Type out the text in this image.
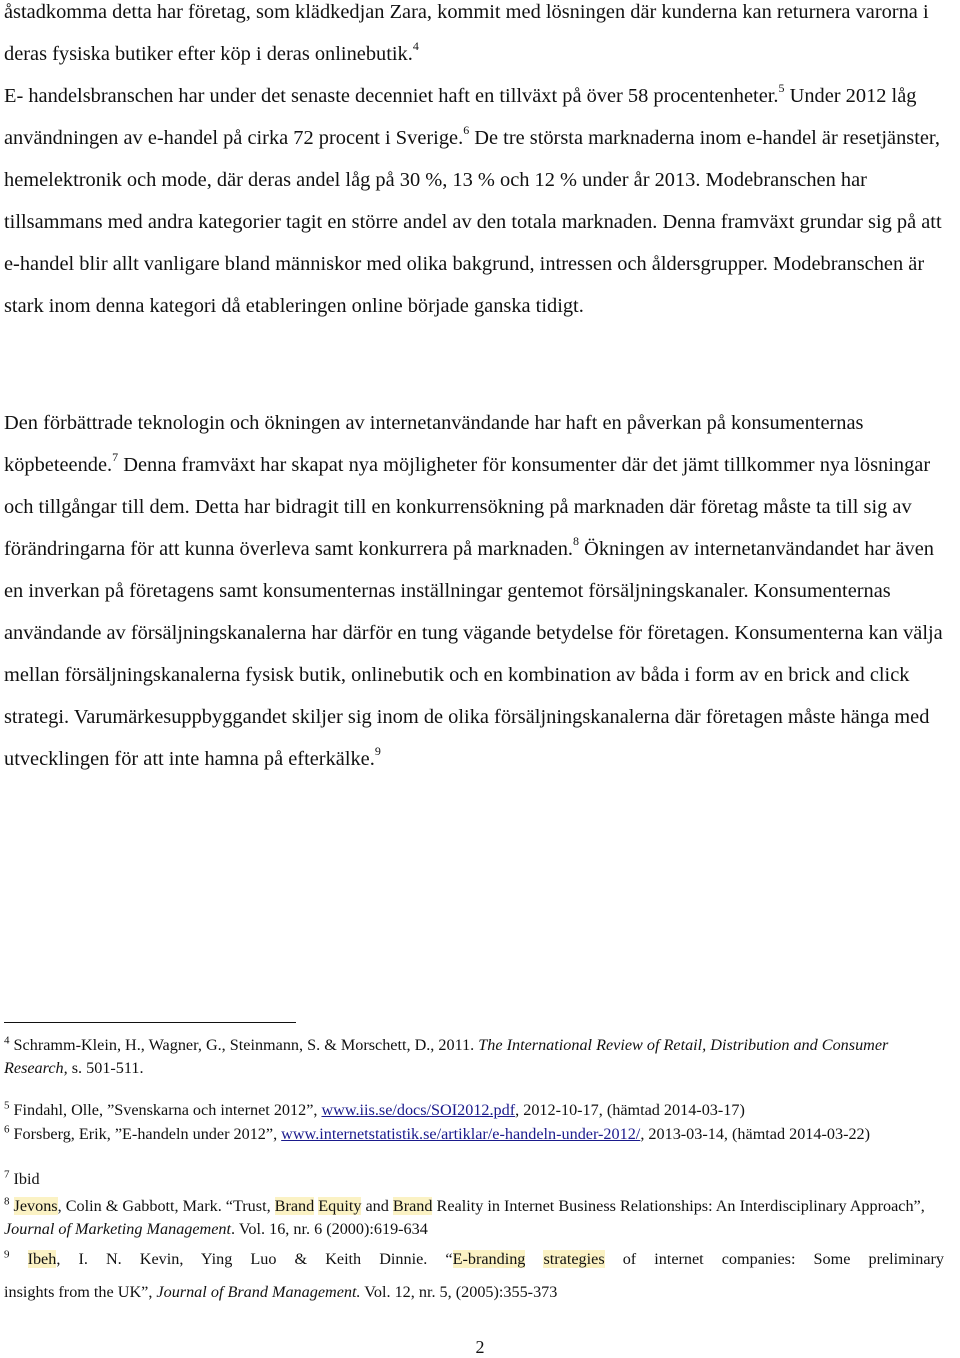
åstadkomma detta har företag, som klädkedjan Zara, kommit med lösningen där kunderna kan returnera varorna i deras fysiska butiker efter köp i deras onlinebutik.$^4$
E- handelsbranschen har under det senaste decenniet haft en tillväxt på över 58 procentenheter.$^5$ Under 2012 låg användningen av e-handel på cirka 72 procent i Sverige.$^6$ De tre största marknaderna inom e-handel är resetjänster, hemelektronik och mode, där deras andel låg på 30 %, 13 % och 12 % under år 2013. Modebranschen har tillsammans med andra kategorier tagit en större andel av den totala marknaden. Denna framväxt grundar sig på att e-handel blir allt vanligare bland människor med olika bakgrund, intressen och åldersgrupper. Modebranschen är stark inom denna kategori då etableringen online började ganska tidigt.

Den förbättrade teknologin och ökningen av internetanvändande har haft en påverkan på konsumenternas köpbeteende.$^7$ Denna framväxt har skapat nya möjligheter för konsumenter där det jämt tillkommer nya lösningar och tillgångar till dem. Detta har bidragit till en konkurrensökning på marknaden där företag måste ta till sig av förändringarna för att kunna överleva samt konkurrera på marknaden.$^8$ Ökningen av internetanvändandet har även en inverkan på företagens samt konsumenternas inställningar gentemot försäljningskanaler. Konsumenternas användande av försäljningskanalerna har därför en tung vägande betydelse för företagen. Konsumenterna kan välja mellan försäljningskanalerna fysisk butik, onlinebutik och en kombination av båda i form av en brick and click strategi. Varumärkesuppbyggandet skiljer sig inom de olika försäljningskanalerna där företagen måste hänga med utvecklingen för att inte hamna på efterkälke.$^9$

$^4$ Schramm-Klein, H., Wagner, G., Steinmann, S. & Morschett, D., 2011. The International Review of Retail, Distribution and Consumer Research, s. 501-511.
$^5$ Findahl, Olle, ”Svenskarna och internet 2012”, www.iis.se/docs/SOI2012.pdf, 2012-10-17, (hämtad 2014-03-17)
$^6$ Forsberg, Erik, ”E-handeln under 2012”, www.internetstatistik.se/artiklar/e-handeln-under-2012/, 2013-03-14, (hämtad 2014-03-22)
$^7$ Ibid
$^8$ Jevons, Colin & Gabbott, Mark. “Trust, Brand Equity and Brand Reality in Internet Business Relationships: An Interdisciplinary Approach”, Journal of Marketing Management. Vol. 16, nr. 6 (2000):619-634
$^9$ Ibeh, I. N. Kevin, Ying Luo & Keith Dinnie. “E-branding strategies of internet companies: Some preliminary
insights from the UK”, Journal of Brand Management. Vol. 12, nr. 5, (2005):355-373
2
